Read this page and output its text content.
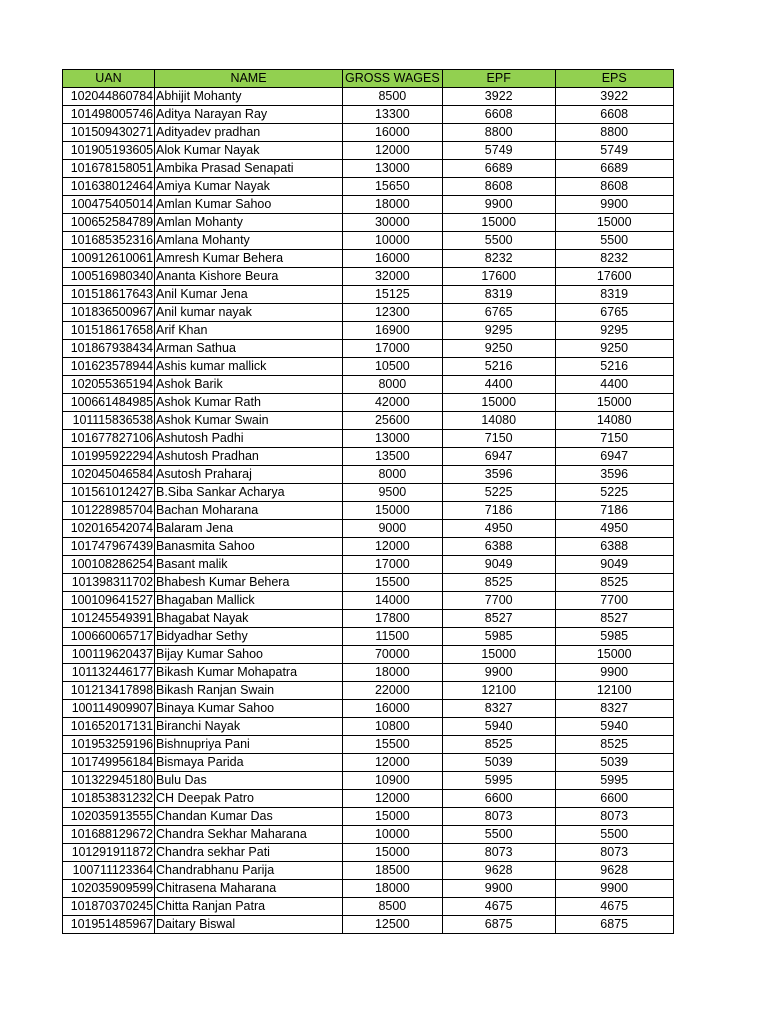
UAN	NAME	GROSS WAGES	EPF	EPS
102044860784	Abhijit Mohanty	8500	3922	3922
101498005746	Aditya Narayan Ray	13300	6608	6608
101509430271	Adityadev pradhan	16000	8800	8800
101905193605	Alok Kumar Nayak	12000	5749	5749
101678158051	Ambika Prasad Senapati	13000	6689	6689
101638012464	Amiya Kumar Nayak	15650	8608	8608
100475405014	Amlan Kumar Sahoo	18000	9900	9900
100652584789	Amlan Mohanty	30000	15000	15000
101685352316	Amlana Mohanty	10000	5500	5500
100912610061	Amresh Kumar Behera	16000	8232	8232
100516980340	Ananta Kishore Beura	32000	17600	17600
101518617643	Anil Kumar Jena	15125	8319	8319
101836500967	Anil kumar nayak	12300	6765	6765
101518617658	Arif Khan	16900	9295	9295
101867938434	Arman Sathua	17000	9250	9250
101623578944	Ashis kumar mallick	10500	5216	5216
102055365194	Ashok Barik	8000	4400	4400
100661484985	Ashok Kumar Rath	42000	15000	15000
101115836538	Ashok Kumar Swain	25600	14080	14080
101677827106	Ashutosh Padhi	13000	7150	7150
101995922294	Ashutosh Pradhan	13500	6947	6947
102045046584	Asutosh Praharaj	8000	3596	3596
101561012427	B.Siba Sankar Acharya	9500	5225	5225
101228985704	Bachan Moharana	15000	7186	7186
102016542074	Balaram Jena	9000	4950	4950
101747967439	Banasmita Sahoo	12000	6388	6388
100108286254	Basant malik	17000	9049	9049
101398311702	Bhabesh Kumar Behera	15500	8525	8525
100109641527	Bhagaban Mallick	14000	7700	7700
101245549391	Bhagabat Nayak	17800	8527	8527
100660065717	Bidyadhar Sethy	11500	5985	5985
100119620437	Bijay Kumar Sahoo	70000	15000	15000
101132446177	Bikash Kumar Mohapatra	18000	9900	9900
101213417898	Bikash Ranjan Swain	22000	12100	12100
100114909907	Binaya Kumar Sahoo	16000	8327	8327
101652017131	Biranchi Nayak	10800	5940	5940
101953259196	Bishnupriya Pani	15500	8525	8525
101749956184	Bismaya Parida	12000	5039	5039
101322945180	Bulu Das	10900	5995	5995
101853831232	CH Deepak Patro	12000	6600	6600
102035913555	Chandan Kumar Das	15000	8073	8073
101688129672	Chandra Sekhar Maharana	10000	5500	5500
101291911872	Chandra sekhar Pati	15000	8073	8073
100711123364	Chandrabhanu Parija	18500	9628	9628
102035909599	Chitrasena Maharana	18000	9900	9900
101870370245	Chitta Ranjan Patra	8500	4675	4675
101951485967	Daitary Biswal	12500	6875	6875
